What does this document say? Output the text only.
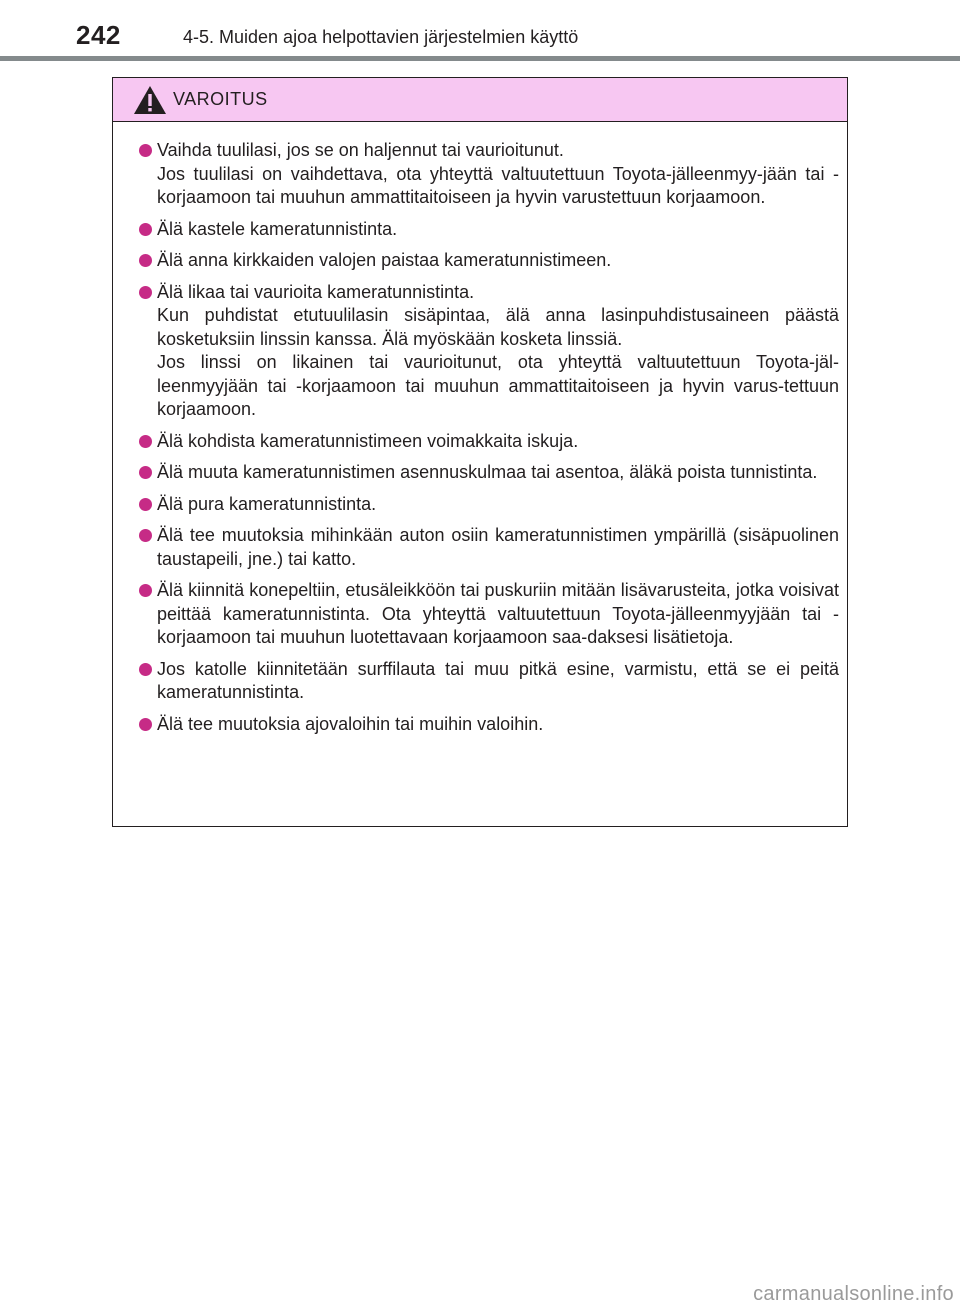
242	4-5. Muiden ajoa helpottavien järjestelmien käyttö
VAROITUS
Vaihda tuulilasi, jos se on haljennut tai vaurioitunut.
Jos tuulilasi on vaihdettava, ota yhteyttä valtuutettuun Toyota-jälleenmyy-jään tai -korjaamoon tai muuhun ammattitaitoiseen ja hyvin varustettuun korjaamoon.
Älä kastele kameratunnistinta.
Älä anna kirkkaiden valojen paistaa kameratunnistimeen.
Älä likaa tai vaurioita kameratunnistinta.
Kun puhdistat etutuulilasin sisäpintaa, älä anna lasinpuhdistusaineen päästä kosketuksiin linssin kanssa. Älä myöskään kosketa linssiä.
Jos linssi on likainen tai vaurioitunut, ota yhteyttä valtuutettuun Toyota-jäl-leenmyyjään tai -korjaamoon tai muuhun ammattitaitoiseen ja hyvin varus-tettuun korjaamoon.
Älä kohdista kameratunnistimeen voimakkaita iskuja.
Älä muuta kameratunnistimen asennuskulmaa tai asentoa, äläkä poista tunnistinta.
Älä pura kameratunnistinta.
Älä tee muutoksia mihinkään auton osiin kameratunnistimen ympärillä (sisäpuolinen taustapeili, jne.) tai katto.
Älä kiinnitä konepeltiin, etusäleikköön tai puskuriin mitään lisävarusteita, jotka voisivat peittää kameratunnistinta. Ota yhteyttä valtuutettuun Toyota-jälleenmyyjään tai -korjaamoon tai muuhun luotettavaan korjaamoon saa-daksesi lisätietoja.
Jos katolle kiinnitetään surffilauta tai muu pitkä esine, varmistu, että se ei peitä kameratunnistinta.
Älä tee muutoksia ajovaloihin tai muihin valoihin.
carmanualsonline.info
